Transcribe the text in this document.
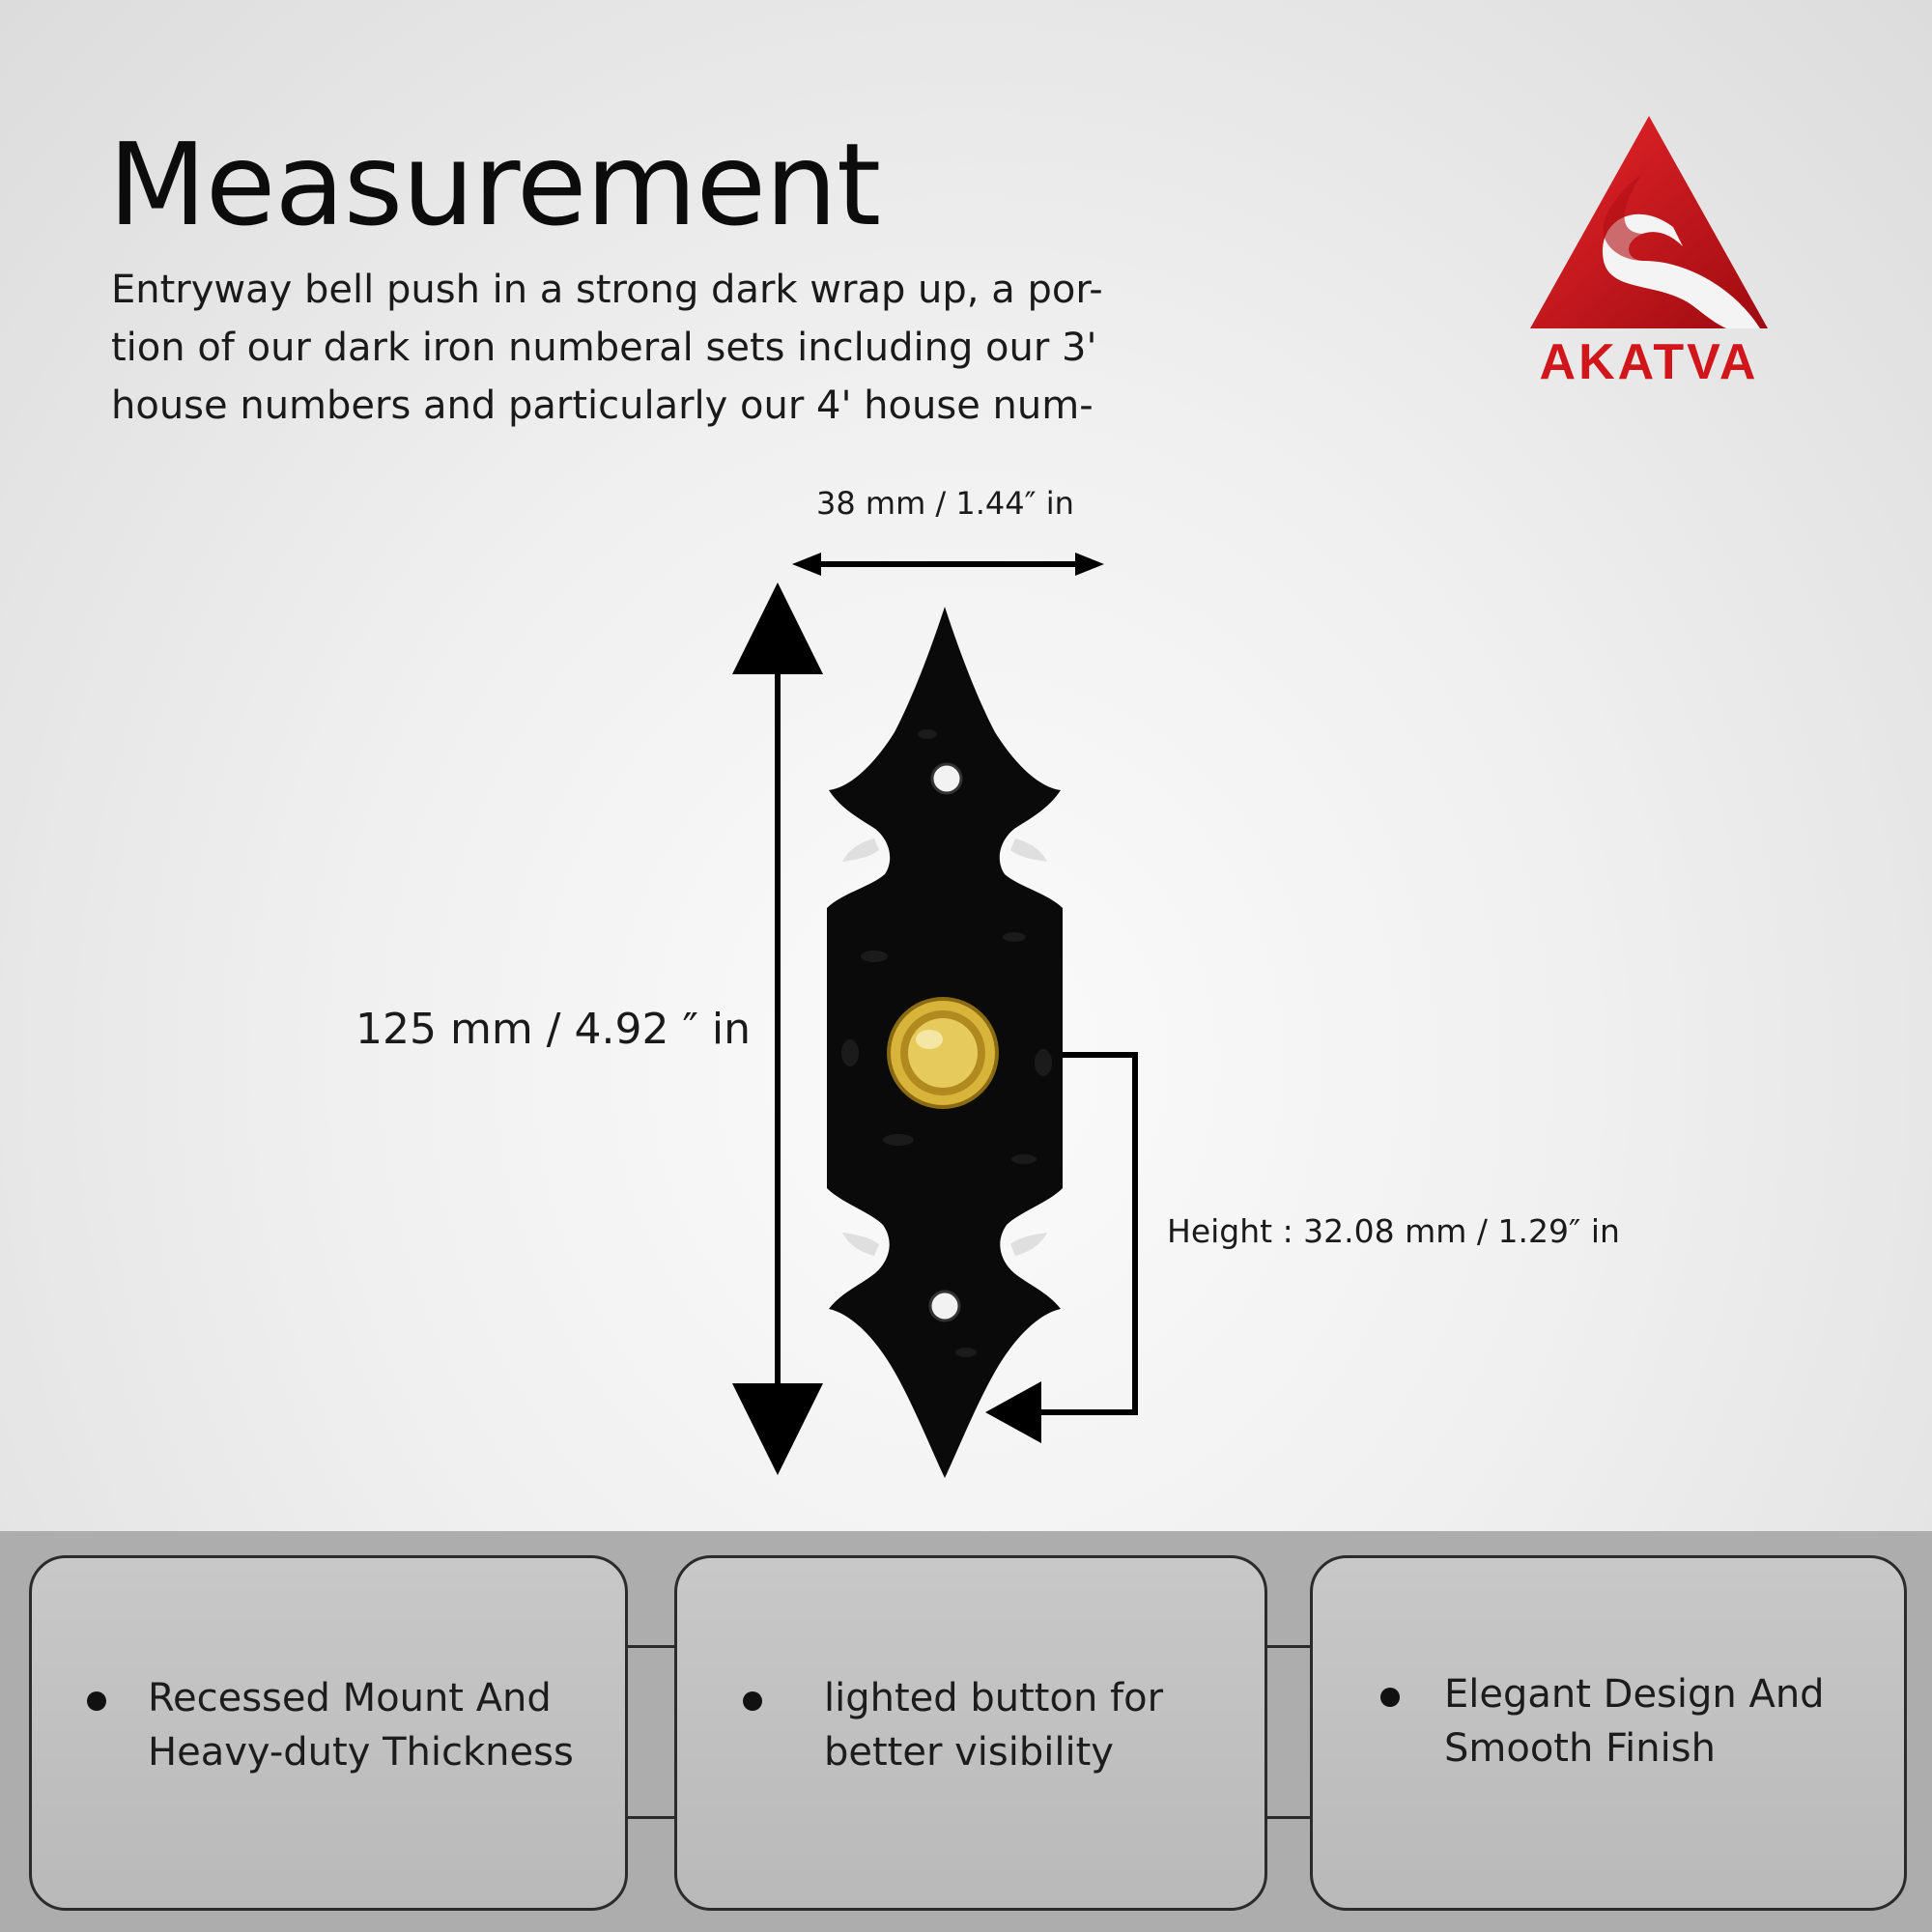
Measurement
Entryway bell push in a strong dark wrap up, a por-
tion of our dark iron numberal sets including our 3'
house numbers and particularly our 4' house num-
AKATVA
38 mm / 1.44″ in
125 mm / 4.92 ″ in
Height : 32.08 mm / 1.29″ in
Recessed Mount And
Heavy-duty Thickness
lighted button for
better visibility
Elegant Design And
Smooth Finish
